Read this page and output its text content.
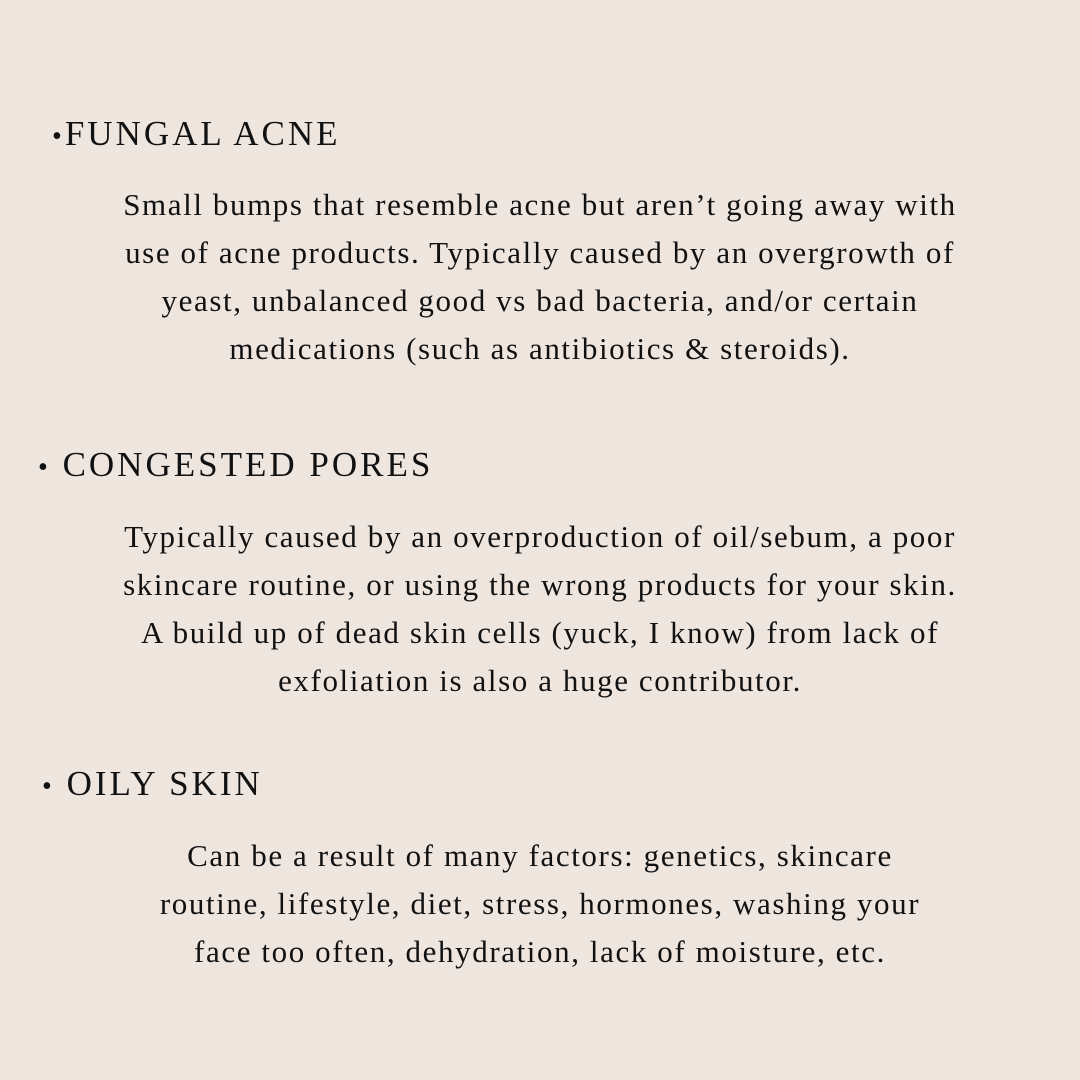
•FUNGAL ACNE
Small bumps that resemble acne but aren’t going away with
use of acne products. Typically caused by an overgrowth of
yeast, unbalanced good vs bad bacteria, and/or certain
medications (such as antibiotics & steroids).
• CONGESTED PORES
Typically caused by an overproduction of oil/sebum, a poor
skincare routine, or using the wrong products for your skin.
A build up of dead skin cells (yuck, I know) from lack of
exfoliation is also a huge contributor.
• OILY SKIN
Can be a result of many factors: genetics, skincare
routine, lifestyle, diet, stress, hormones, washing your
face too often, dehydration, lack of moisture, etc.
